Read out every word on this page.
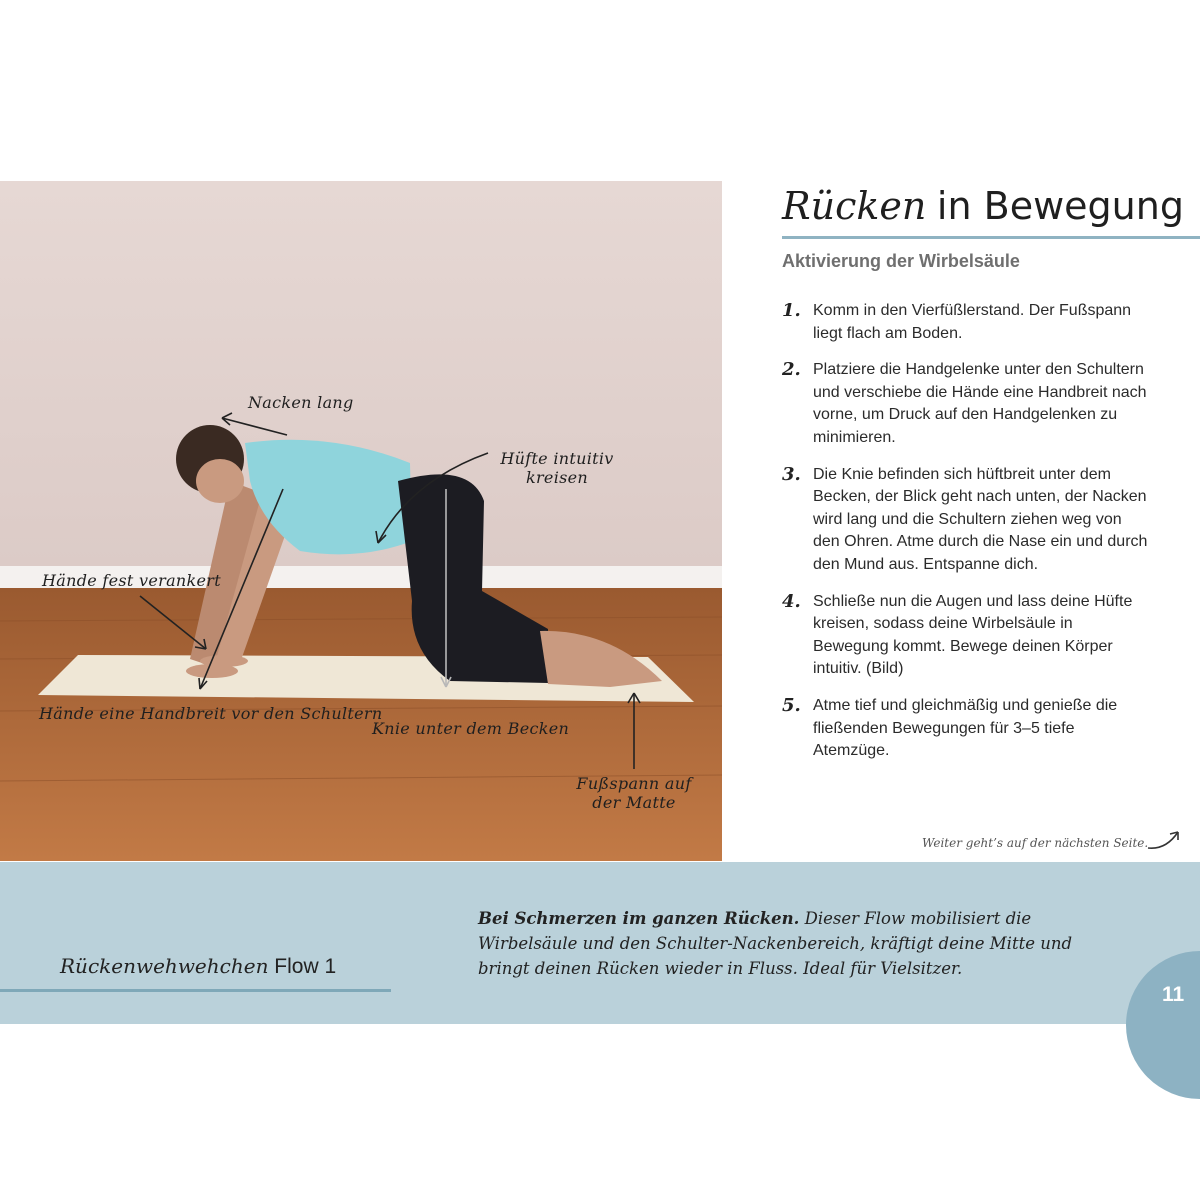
Nacken lang
Hüfte intuitiv kreisen
Hände fest verankert
Hände eine Handbreit vor den Schultern
Knie unter dem Becken
Fußspann auf der Matte
Rücken in Bewegung
Aktivierung der Wirbelsäule
1. Komm in den Vierfüßlerstand. Der Fußspann liegt flach am Boden.
2. Platziere die Handgelenke unter den Schultern und verschiebe die Hände eine Handbreit nach vorne, um Druck auf den Handgelenken zu minimieren.
3. Die Knie befinden sich hüftbreit unter dem Becken, der Blick geht nach unten, der Nacken wird lang und die Schultern ziehen weg von den Ohren. Atme durch die Nase ein und durch den Mund aus. Entspanne dich.
4. Schließe nun die Augen und lass deine Hüfte kreisen, sodass deine Wirbelsäule in Bewegung kommt. Bewege deinen Körper intuitiv. (Bild)
5. Atme tief und gleichmäßig und genieße die fließenden Bewegungen für 3–5 tiefe Atemzüge.
Weiter geht’s auf der nächsten Seite.
Rückenwehwehchen Flow 1
Bei Schmerzen im ganzen Rücken. Dieser Flow mobilisiert die Wirbelsäule und den Schulter-Nackenbereich, kräftigt deine Mitte und bringt deinen Rücken wieder in Fluss. Ideal für Vielsitzer.
11
